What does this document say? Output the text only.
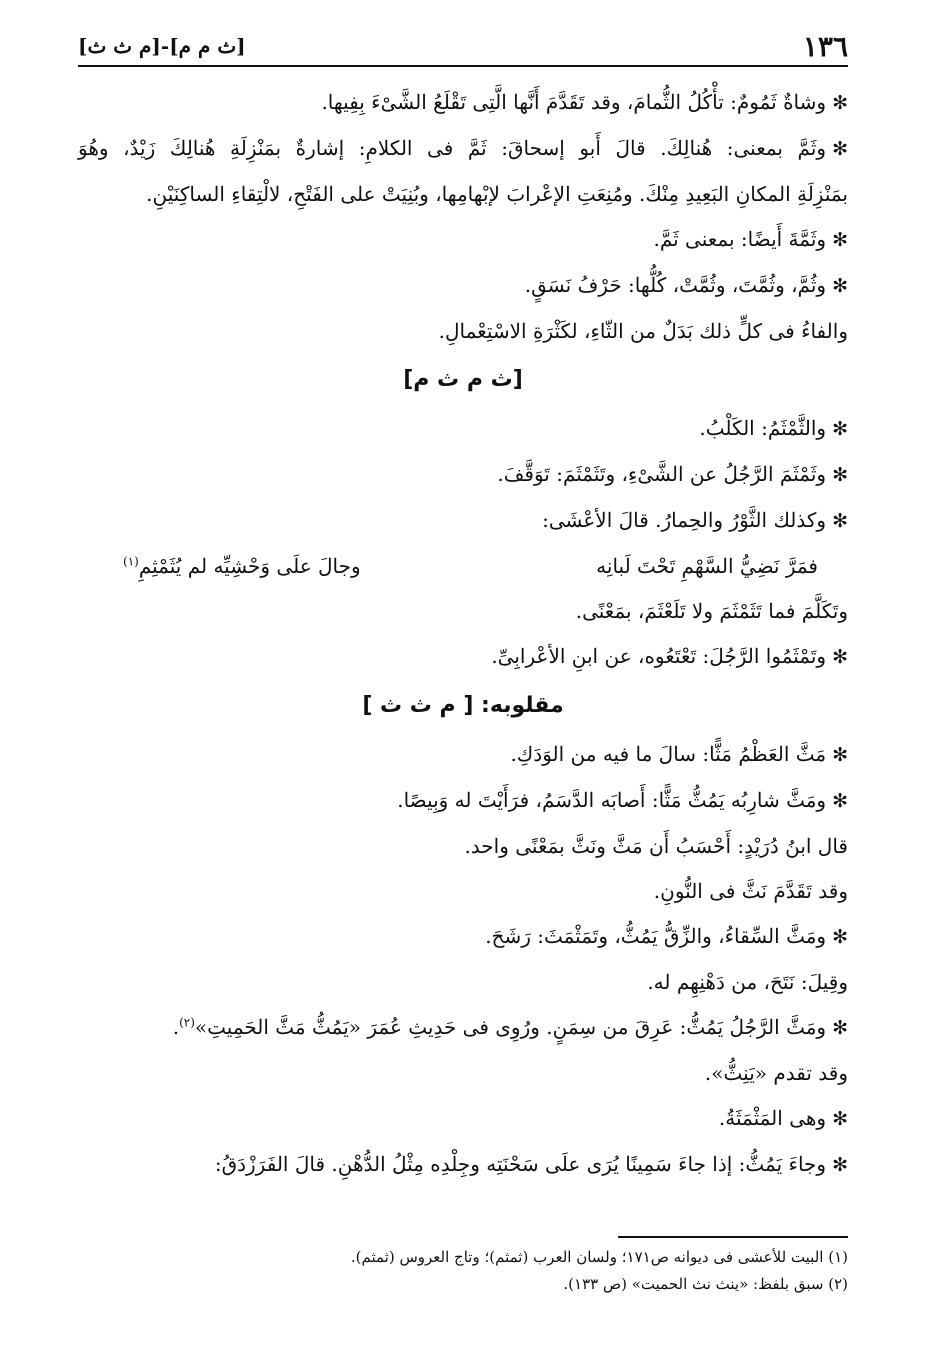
١٣٦
[ث م م]-[م ث ث]
✻وشاةٌ ثَمُومٌ: تأْكُلُ الثُّمامَ، وقد تَقَدَّمَ أَنَّها الَّتِى تَقْلَعُ الشَّىْءَ بِفِيها.
✻وثَمَّ بمعنى: هُنالِكَ. قالَ أَبو إسحاقَ: ثَمَّ فى الكلامِ: إشارةٌ بمَنْزِلَةِ هُنالِكَ زَيْدٌ، وهُوَ
بمَنْزِلَةِ المكانِ البَعِيدِ مِنْكَ. ومُنِعَتِ الإعْرابَ لإبْهامِها، وبُنِيَتْ على الفَتْحِ، لالْتِقاءِ الساكِنَيْنِ.
✻وثَمَّةَ أَيضًا: بمعنى ثَمَّ.
✻وثُمَّ، وثُمَّتَ، وثُمَّتْ، كُلُّها: حَرْفُ نَسَقٍ.
والفاءُ فى كلٍّ ذلك بَدَلٌ من الثّاءِ، لكَثْرَةِ الاسْتِعْمالِ.
[ث م ث م]
✻والثَّمْثَمُ: الكَلْبُ.
✻وثَمْثَمَ الرَّجُلُ عن الشَّىْءِ، وتَثَمْثَمَ: تَوَقَّفَ.
✻وكذلك الثَّوْرُ والحِمارُ. قالَ الأعْشَى:
فمَرَّ نَضِيُّ السَّهْمِ تَحْتَ لَبانِه
وجالَ علَى وَحْشِيِّه لم يُثَمْثِمِ$^{(١)}$
وتَكَلَّمَ فما تَثَمْثَمَ ولا تَلَعْثَمَ، بمَعْنًى.
✻وتَمْثَمُوا الرَّجُلَ: تَعْتَعُوه، عن ابنِ الأعْرابِىِّ.
مقلوبه: [ م ث ث ]
✻مَثَّ العَظْمُ مَثًّا: سالَ ما فيه من الوَدَكِ.
✻ومَثَّ شارِبُه يَمُثُّ مَثًّا: أَصابَه الدَّسَمُ، فرَأَيْتَ له وَبِيصًا.
قال ابنُ دُرَيْدٍ: أَحْسَبُ أَن مَثَّ ونَثَّ بمَعْنًى واحد.
وقد تَقَدَّمَ نَثَّ فى النُّونِ.
✻ومَثَّ السِّقاءُ، والزِّقُّ يَمُثُّ، وتَمَثْمَثَ: رَشَحَ.
وقِيلَ: نَتَحَ، من دَهْنِهِم له.
✻ومَثَّ الرَّجُلُ يَمُثُّ: عَرِقَ من سِمَنٍ. ورُوِى فى حَدِيثِ عُمَرَ «يَمُثُّ مَثَّ الحَمِيتِ»$^{(٢)}$.
وقد تقدم «يَنِثُّ».
✻وهى المَثْمَثَةُ.
✻وجاءَ يَمُثُّ: إذا جاءَ سَمِينًا يُرَى علَى سَحْنَتِه وجِلْدِه مِثْلُ الدُّهْنِ. قالَ الفَرَزْدَقُ:
(١) البيت للأعشى فى ديوانه ص١٧١؛ ولسان العرب (ثمثم)؛ وتاج العروس (ثمثم).
(٢) سبق بلفظ: «ينث نث الحميت» (ص ١٣٣).
